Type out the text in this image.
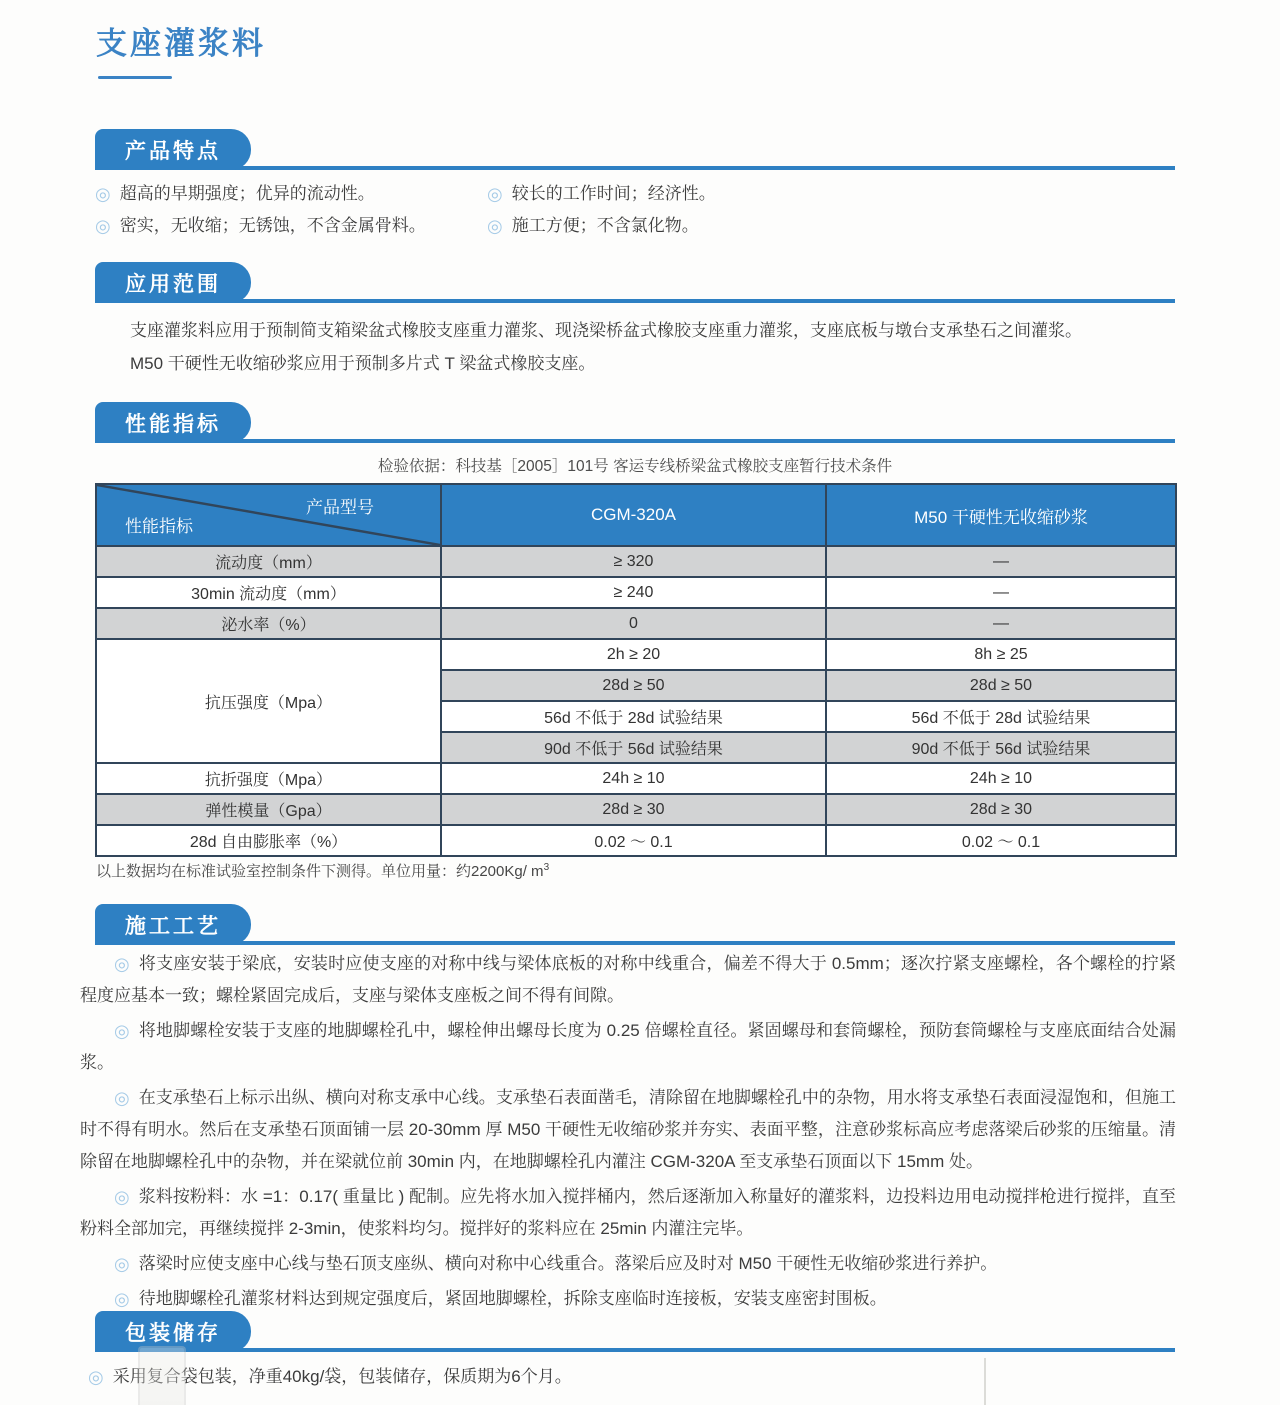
支座灌浆料
产品特点
◎ 超高的早期强度；优异的流动性。
◎ 密实，无收缩；无锈蚀，不含金属骨料。
◎ 较长的工作时间；经济性。
◎ 施工方便；不含氯化物。
应用范围
支座灌浆料应用于预制简支箱梁盆式橡胶支座重力灌浆、现浇梁桥盆式橡胶支座重力灌浆，支座底板与墩台支承垫石之间灌浆。
M50 干硬性无收缩砂浆应用于预制多片式 T 梁盆式橡胶支座。
性能指标
检验依据：科技基［2005］101号 客运专线桥梁盆式橡胶支座暂行技术条件
产品型号
性能指标	CGM-320A	M50 干硬性无收缩砂浆
流动度（mm）	≥ 320	—
30min 流动度（mm）	≥ 240	—
泌水率（%）	0	—
抗压强度（Mpa）	2h ≥ 20	8h ≥ 25
	28d ≥ 50	28d ≥ 50
	56d 不低于 28d 试验结果	56d 不低于 28d 试验结果
	90d 不低于 56d 试验结果	90d 不低于 56d 试验结果
抗折强度（Mpa）	24h ≥ 10	24h ≥ 10
弹性模量（Gpa）	28d ≥ 30	28d ≥ 30
28d 自由膨胀率（%）	0.02 ～ 0.1	0.02 ～ 0.1
以上数据均在标准试验室控制条件下测得。单位用量：约2200Kg/ $m^3$
施工工艺

◎ 将支座安装于梁底，安装时应使支座的对称中线与梁体底板的对称中线重合，偏差不得大于 0.5mm；逐次拧紧支座螺栓，各个螺栓的拧紧程度应基本一致；螺栓紧固完成后，支座与梁体支座板之间不得有间隙。

◎ 将地脚螺栓安装于支座的地脚螺栓孔中，螺栓伸出螺母长度为 0.25 倍螺栓直径。紧固螺母和套筒螺栓，预防套筒螺栓与支座底面结合处漏浆。

◎ 在支承垫石上标示出纵、横向对称支承中心线。支承垫石表面凿毛，清除留在地脚螺栓孔中的杂物，用水将支承垫石表面浸湿饱和，但施工时不得有明水。然后在支承垫石顶面铺一层 20-30mm 厚 M50 干硬性无收缩砂浆并夯实、表面平整，注意砂浆标高应考虑落梁后砂浆的压缩量。清除留在地脚螺栓孔中的杂物，并在梁就位前 30min 内，在地脚螺栓孔内灌注 CGM-320A 至支承垫石顶面以下 15mm 处。

◎ 浆料按粉料：水 =1：0.17( 重量比 ) 配制。应先将水加入搅拌桶内，然后逐渐加入称量好的灌浆料，边投料边用电动搅拌枪进行搅拌，直至粉料全部加完，再继续搅拌 2-3min，使浆料均匀。搅拌好的浆料应在 25min 内灌注完毕。

◎ 落梁时应使支座中心线与垫石顶支座纵、横向对称中心线重合。落梁后应及时对 M50 干硬性无收缩砂浆进行养护。

◎ 待地脚螺栓孔灌浆材料达到规定强度后，紧固地脚螺栓，拆除支座临时连接板，安装支座密封围板。

包装储存
◎ 采用复合袋包装，净重40kg/袋，包装储存，保质期为6个月。
